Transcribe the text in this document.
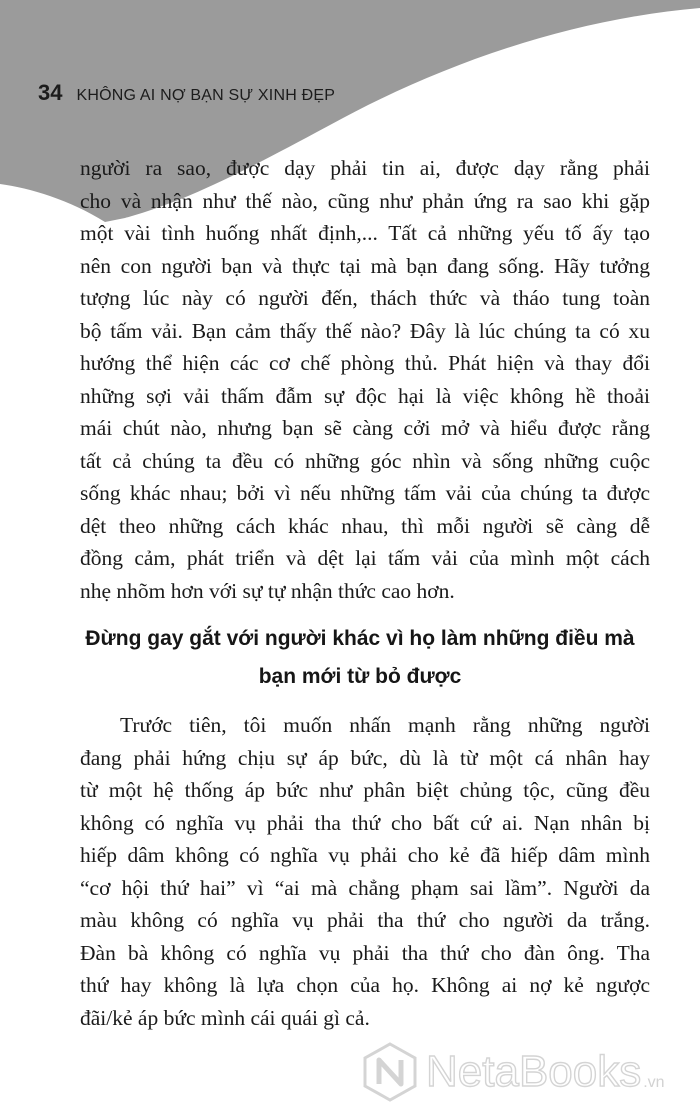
34 KHÔNG AI NỢ BẠN SỰ XINH ĐẸP
người ra sao, được dạy phải tin ai, được dạy rằng phải
cho và nhận như thế nào, cũng như phản ứng ra sao khi gặp
một vài tình huống nhất định,... Tất cả những yếu tố ấy tạo
nên con người bạn và thực tại mà bạn đang sống. Hãy tưởng
tượng lúc này có người đến, thách thức và tháo tung toàn
bộ tấm vải. Bạn cảm thấy thế nào? Đây là lúc chúng ta có xu
hướng thể hiện các cơ chế phòng thủ. Phát hiện và thay đổi
những sợi vải thấm đẫm sự độc hại là việc không hề thoải
mái chút nào, nhưng bạn sẽ càng cởi mở và hiểu được rằng
tất cả chúng ta đều có những góc nhìn và sống những cuộc
sống khác nhau; bởi vì nếu những tấm vải của chúng ta được
dệt theo những cách khác nhau, thì mỗi người sẽ càng dễ
đồng cảm, phát triển và dệt lại tấm vải của mình một cách
nhẹ nhõm hơn với sự tự nhận thức cao hơn.
Đừng gay gắt với người khác vì họ làm những điều mà
bạn mới từ bỏ được
Trước tiên, tôi muốn nhấn mạnh rằng những người
đang phải hứng chịu sự áp bức, dù là từ một cá nhân hay
từ một hệ thống áp bức như phân biệt chủng tộc, cũng đều
không có nghĩa vụ phải tha thứ cho bất cứ ai. Nạn nhân bị
hiếp dâm không có nghĩa vụ phải cho kẻ đã hiếp dâm mình
“cơ hội thứ hai” vì “ai mà chẳng phạm sai lầm”. Người da
màu không có nghĩa vụ phải tha thứ cho người da trắng.
Đàn bà không có nghĩa vụ phải tha thứ cho đàn ông. Tha
thứ hay không là lựa chọn của họ. Không ai nợ kẻ ngược
đãi/kẻ áp bức mình cái quái gì cả.
NetaBooks .vn
